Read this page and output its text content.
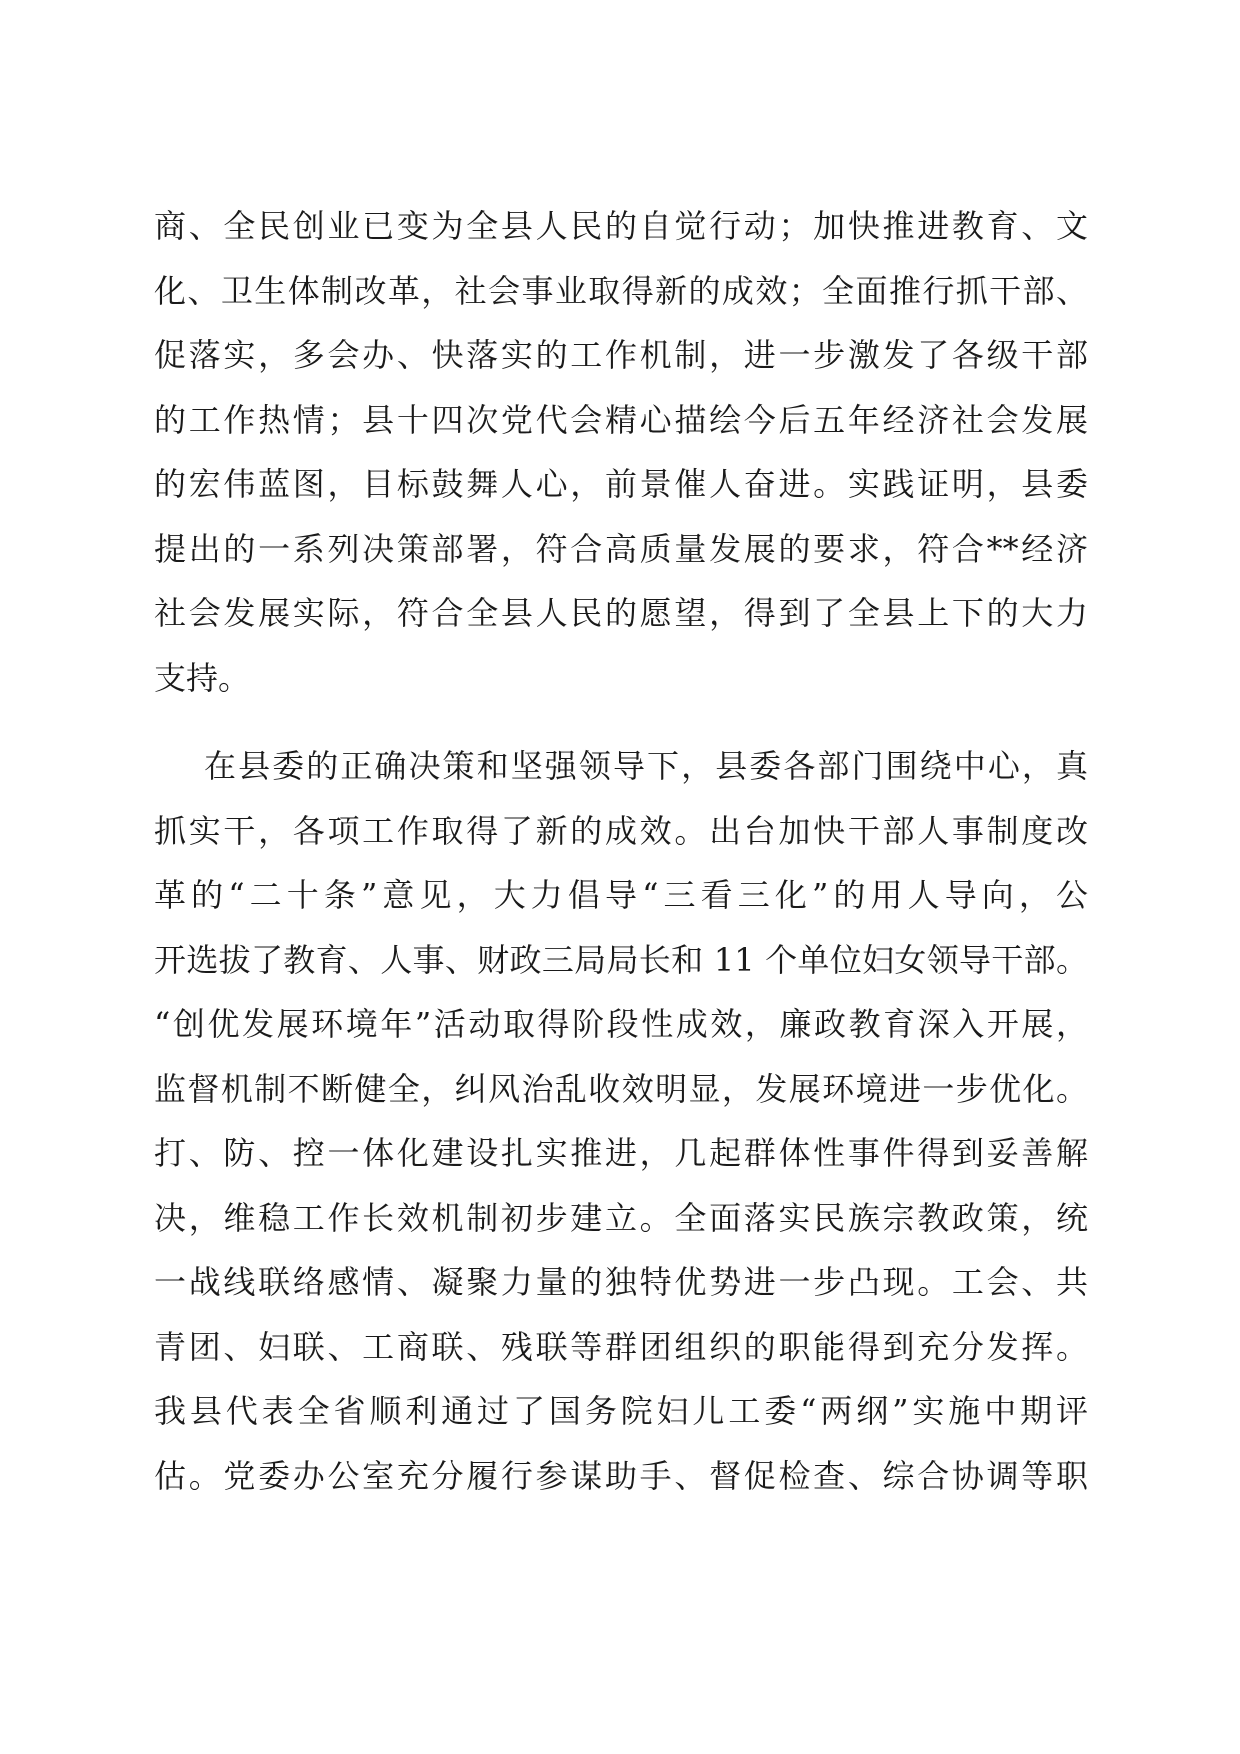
商、全民创业已变为全县人民的自觉行动；加快推进教育、文
化、卫生体制改革，社会事业取得新的成效；全面推行抓干部、
促落实，多会办、快落实的工作机制，进一步激发了各级干部
的工作热情；县十四次党代会精心描绘今后五年经济社会发展
的宏伟蓝图，目标鼓舞人心，前景催人奋进。实践证明，县委
提出的一系列决策部署，符合高质量发展的要求，符合**经济
社会发展实际，符合全县人民的愿望，得到了全县上下的大力
支持。
在县委的正确决策和坚强领导下，县委各部门围绕中心，真
抓实干，各项工作取得了新的成效。出台加快干部人事制度改
革的“二十条”意见，大力倡导“三看三化”的用人导向，公
开选拔了教育、人事、财政三局局长和 11 个单位妇女领导干部。
“创优发展环境年”活动取得阶段性成效，廉政教育深入开展，
监督机制不断健全，纠风治乱收效明显，发展环境进一步优化。
打、防、控一体化建设扎实推进，几起群体性事件得到妥善解
决，维稳工作长效机制初步建立。全面落实民族宗教政策，统
一战线联络感情、凝聚力量的独特优势进一步凸现。工会、共
青团、妇联、工商联、残联等群团组织的职能得到充分发挥。
我县代表全省顺利通过了国务院妇儿工委“两纲”实施中期评
估。党委办公室充分履行参谋助手、督促检查、综合协调等职
